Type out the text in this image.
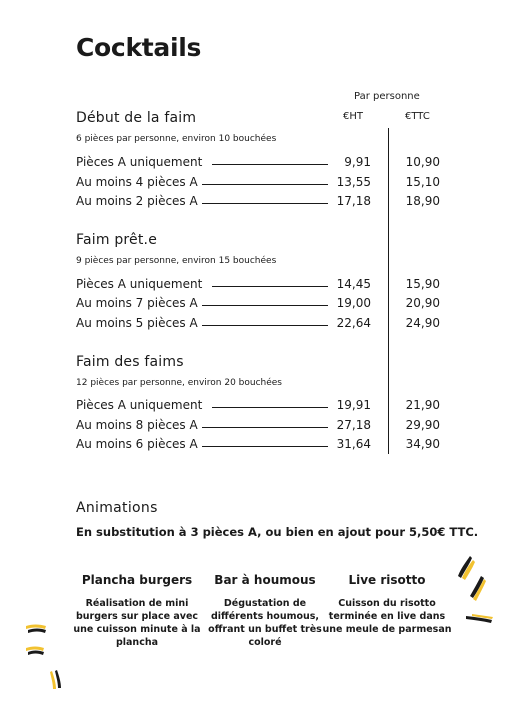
Cocktails
Par personne
€HT	€TTC
Début de la faim
6 pièces par personne, environ 10 bouchées
Pièces A uniquement	9,91	10,90
Au moins 4 pièces A	13,55	15,10
Au moins 2 pièces A	17,18	18,90
Faim prêt.e
9 pièces par personne, environ 15 bouchées
Pièces A uniquement	14,45	15,90
Au moins 7 pièces A	19,00	20,90
Au moins 5 pièces A	22,64	24,90
Faim des faims
12 pièces par personne, environ 20 bouchées
Pièces A uniquement	19,91	21,90
Au moins 8 pièces A	27,18	29,90
Au moins 6 pièces A	31,64	34,90
Animations
En substitution à 3 pièces A, ou bien en ajout pour 5,50€ TTC.
Plancha burgers
Réalisation de mini burgers sur place avec une cuisson minute à la plancha
Bar à houmous
Dégustation de différents houmous, offrant un buffet très coloré
Live risotto
Cuisson du risotto terminée en live dans une meule de parmesan
